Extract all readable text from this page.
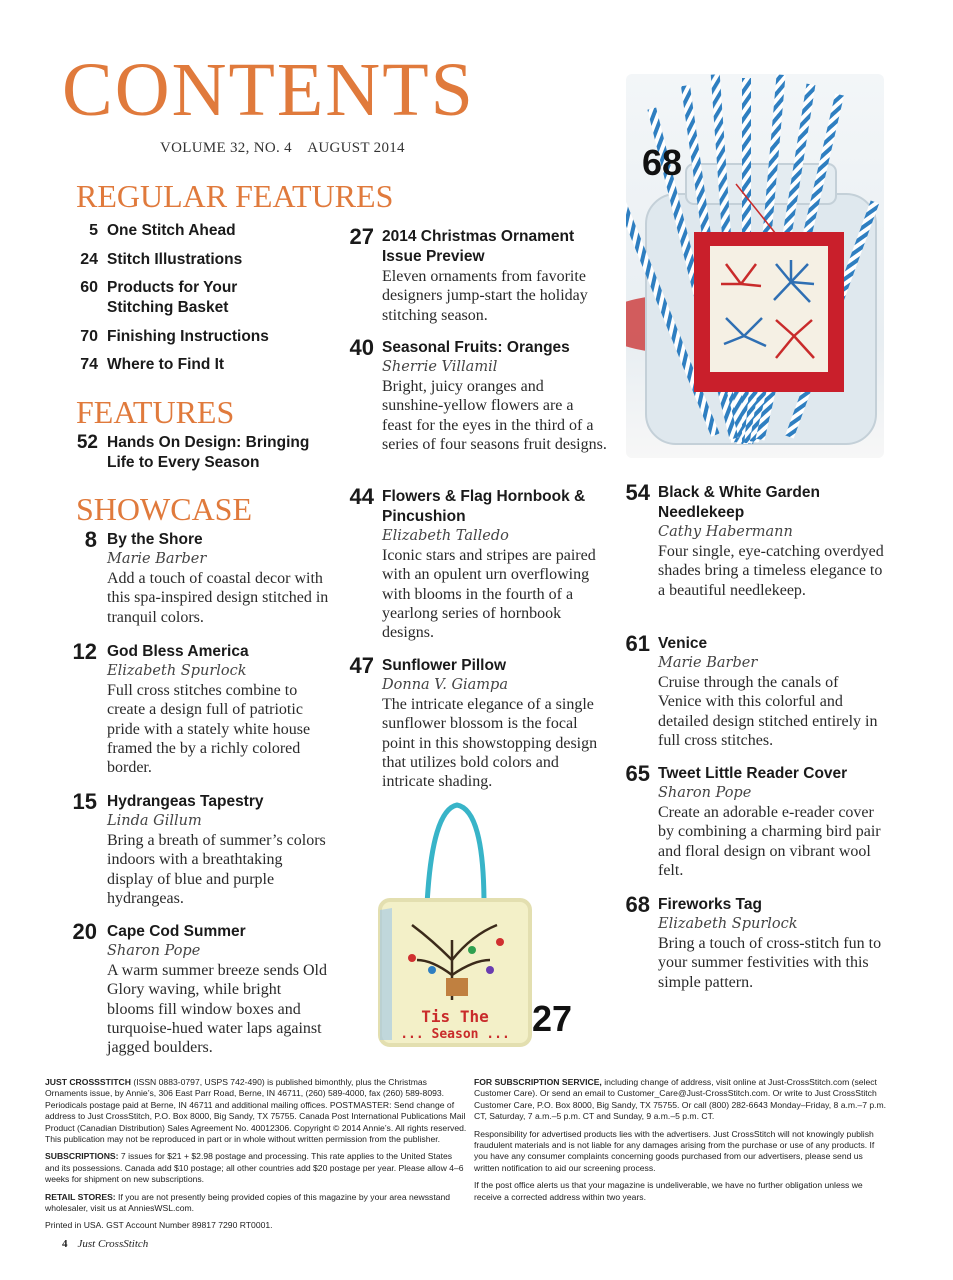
CONTENTS
VOLUME 32, NO. 4    AUGUST 2014
REGULAR FEATURES
5 One Stitch Ahead
24 Stitch Illustrations
60 Products for Your Stitching Basket
70 Finishing Instructions
74 Where to Find It
FEATURES
52 Hands On Design: Bringing Life to Every Season
SHOWCASE
8 By the Shore
Marie Barber
Add a touch of coastal decor with this spa-inspired design stitched in tranquil colors.
12 God Bless America
Elizabeth Spurlock
Full cross stitches combine to create a design full of patriotic pride with a stately white house framed the by a richly colored border.
15 Hydrangeas Tapestry
Linda Gillum
Bring a breath of summer’s colors indoors with a breathtaking display of blue and purple hydrangeas.
20 Cape Cod Summer
Sharon Pope
A warm summer breeze sends Old Glory waving, while bright blooms fill window boxes and turquoise-hued water laps against jagged boulders.
27 2014 Christmas Ornament Issue Preview
Eleven ornaments from favorite designers jump-start the holiday stitching season.
40 Seasonal Fruits: Oranges
Sherrie Villamil
Bright, juicy oranges and sunshine-yellow flowers are a feast for the eyes in the third of a series of four seasons fruit designs.
44 Flowers & Flag Hornbook & Pincushion
Elizabeth Talledo
Iconic stars and stripes are paired with an opulent urn overflowing with blooms in the fourth of a yearlong series of hornbook designs.
47 Sunflower Pillow
Donna V. Giampa
The intricate elegance of a single sunflower blossom is the focal point in this showstopping design that utilizes bold colors and intricate shading.
54 Black & White Garden Needlekeep
Cathy Habermann
Four single, eye-catching overdyed shades bring a timeless elegance to a beautiful needlekeep.
61 Venice
Marie Barber
Cruise through the canals of Venice with this colorful and detailed design stitched entirely in full cross stitches.
65 Tweet Little Reader Cover
Sharon Pope
Create an adorable e-reader cover by combining a charming bird pair and floral design on vibrant wool felt.
68 Fireworks Tag
Elizabeth Spurlock
Bring a touch of cross-stitch fun to your summer festivities with this simple pattern.
68
Tis The
... Season ... 27

JUST CROSSSTITCH (ISSN 0883-0797, USPS 742-490) is published bimonthly, plus the Christmas Ornaments issue, by Annie’s, 306 East Parr Road, Berne, IN 46711, (260) 589-4000, fax (260) 589-8093. Periodicals postage paid at Berne, IN 46711 and additional mailing offices. POSTMASTER: Send change of address to Just CrossStitch, P.O. Box 8000, Big Sandy, TX 75755. Canada Post International Publications Mail Product (Canadian Distribution) Sales Agreement No. 40012306. Copyright © 2014 Annie’s. All rights reserved. This publication may not be reproduced in part or in whole without written permission from the publisher.

SUBSCRIPTIONS: 7 issues for $21 + $2.98 postage and processing. This rate applies to the United States and its possessions. Canada add $10 postage; all other countries add $20 postage per year. Please allow 4–6 weeks for shipment on new subscriptions.

RETAIL STORES: If you are not presently being provided copies of this magazine by your area newsstand wholesaler, visit us at AnniesWSL.com.

Printed in USA. GST Account Number 89817 7290 RT0001.

FOR SUBSCRIPTION SERVICE, including change of address, visit online at Just-CrossStitch.com (select Customer Care). Or send an email to Customer_Care@Just-CrossStitch.com. Or write to Just CrossStitch Customer Care, P.O. Box 8000, Big Sandy, TX 75755. Or call (800) 282-6643 Monday–Friday, 8 a.m.–7 p.m. CT, Saturday, 7 a.m.–5 p.m. CT and Sunday, 9 a.m.–5 p.m. CT.

Responsibility for advertised products lies with the advertisers. Just CrossStitch will not knowingly publish fraudulent materials and is not liable for any damages arising from the purchase or use of any products. If you have any consumer complaints concerning goods purchased from our advertisers, please send us written notification to aid our screening process.

If the post office alerts us that your magazine is undeliverable, we have no further obligation unless we receive a corrected address within two years.

4 Just CrossStitch
